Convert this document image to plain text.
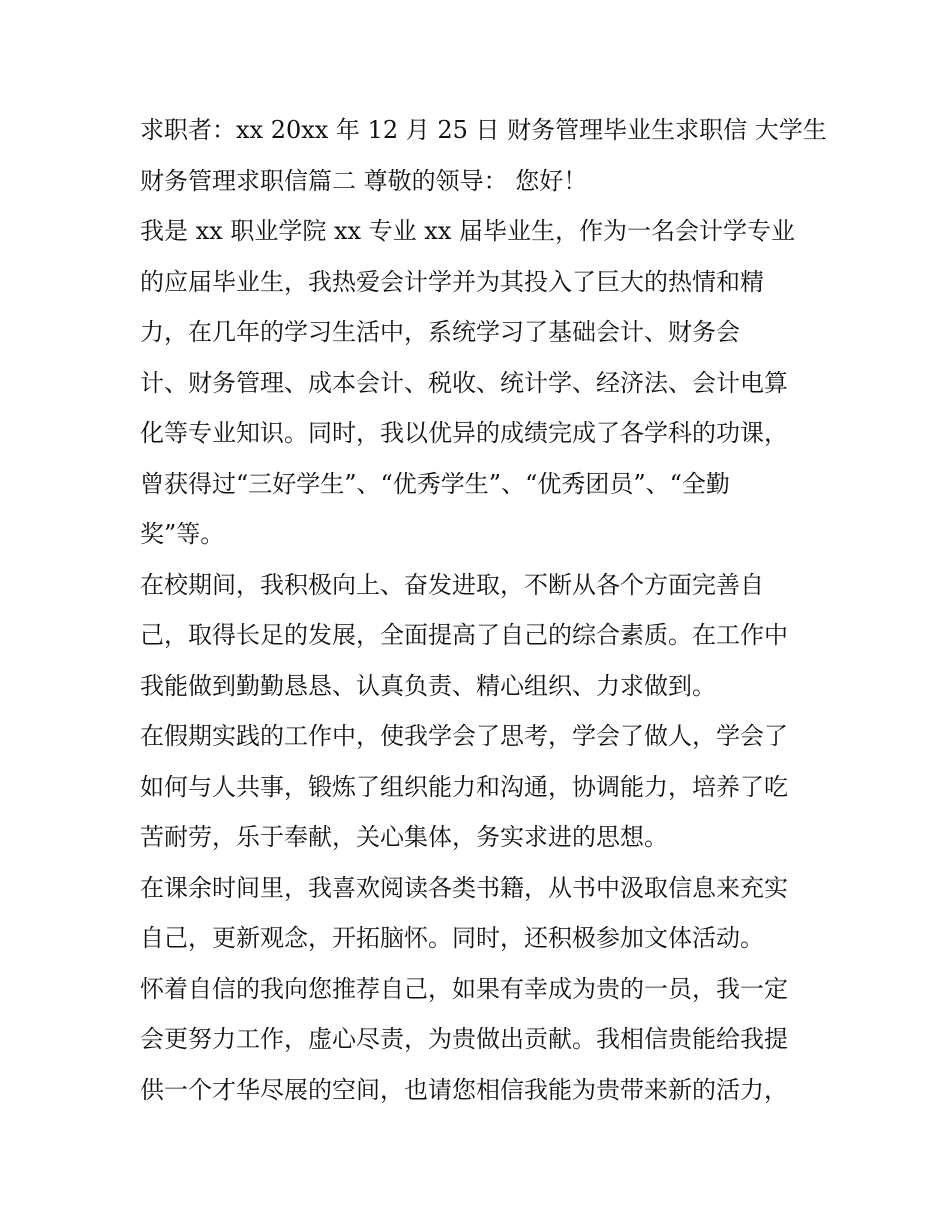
求职者：xx 20xx 年 12 月 25 日 财务管理毕业生求职信 大学生
财务管理求职信篇二 尊敬的领导： 您好！
我是 xx 职业学院 xx 专业 xx 届毕业生，作为一名会计学专业
的应届毕业生，我热爱会计学并为其投入了巨大的热情和精
力，在几年的学习生活中，系统学习了基础会计、财务会
计、财务管理、成本会计、税收、统计学、经济法、会计电算
化等专业知识。同时，我以优异的成绩完成了各学科的功课，
曾获得过“三好学生”、“优秀学生”、“优秀团员”、“全勤
奖”等。
在校期间，我积极向上、奋发进取，不断从各个方面完善自
己，取得长足的发展，全面提高了自己的综合素质。在工作中
我能做到勤勤恳恳、认真负责、精心组织、力求做到。
在假期实践的工作中，使我学会了思考，学会了做人，学会了
如何与人共事，锻炼了组织能力和沟通，协调能力，培养了吃
苦耐劳，乐于奉献，关心集体，务实求进的思想。
在课余时间里，我喜欢阅读各类书籍，从书中汲取信息来充实
自己，更新观念，开拓脑怀。同时，还积极参加文体活动。
怀着自信的我向您推荐自己，如果有幸成为贵的一员，我一定
会更努力工作，虚心尽责，为贵做出贡献。我相信贵能给我提
供一个才华尽展的空间，也请您相信我能为贵带来新的活力，
